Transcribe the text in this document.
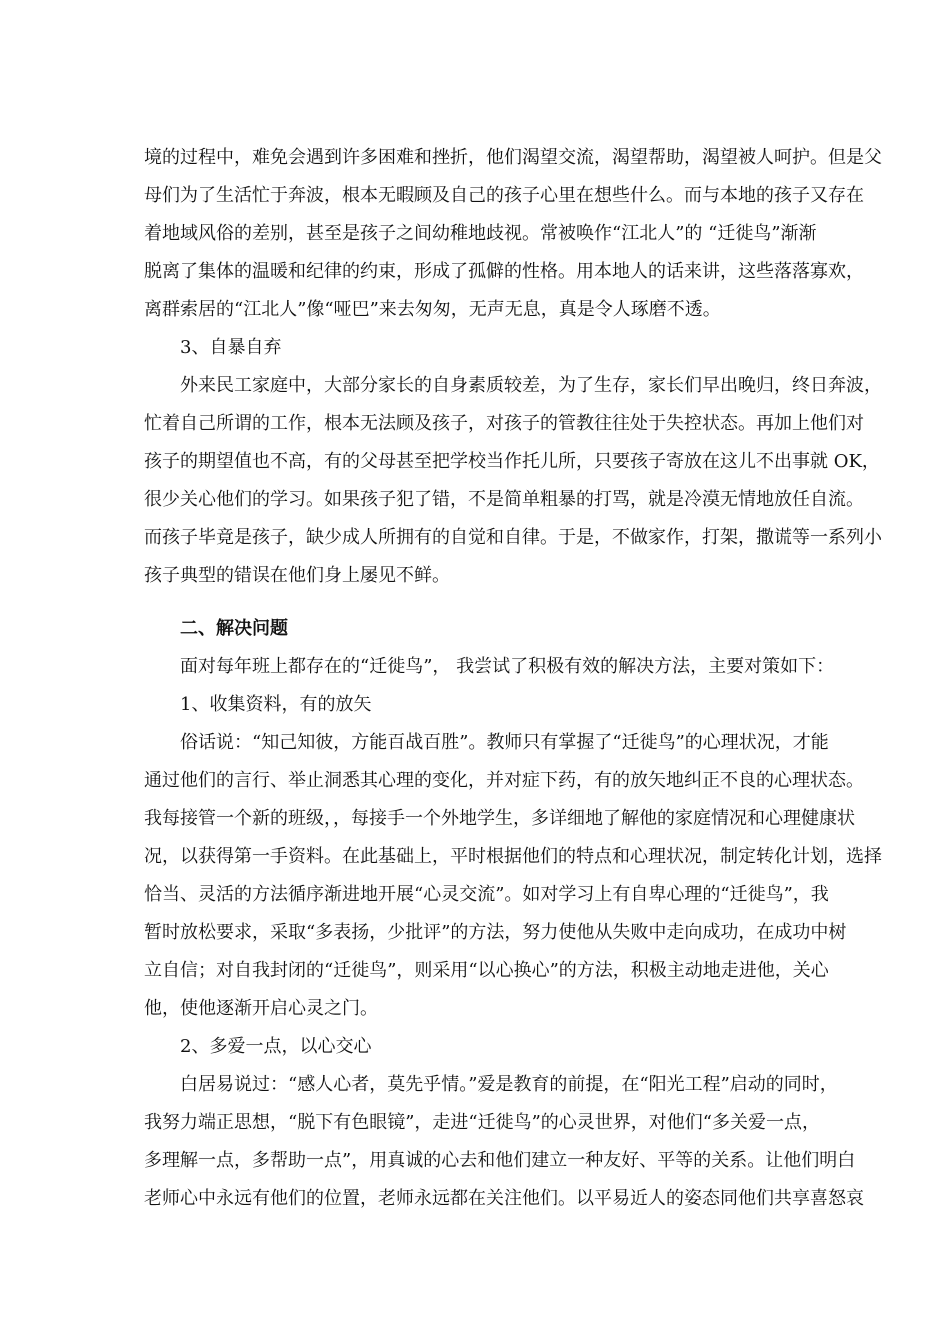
境的过程中，难免会遇到许多困难和挫折，他们渴望交流，渴望帮助，渴望被人呵护。但是父
母们为了生活忙于奔波，根本无暇顾及自己的孩子心里在想些什么。而与本地的孩子又存在
着地域风俗的差别，甚至是孩子之间幼稚地歧视。常被唤作“江北人”的 “迁徙鸟”渐渐
脱离了集体的温暖和纪律的约束，形成了孤僻的性格。用本地人的话来讲，这些落落寡欢，
离群索居的“江北人”像“哑巴”来去匆匆，无声无息，真是令人琢磨不透。
3、自暴自弃
外来民工家庭中，大部分家长的自身素质较差，为了生存，家长们早出晚归，终日奔波，
忙着自己所谓的工作，根本无法顾及孩子，对孩子的管教往往处于失控状态。再加上他们对
孩子的期望值也不高，有的父母甚至把学校当作托儿所，只要孩子寄放在这儿不出事就 OK，
很少关心他们的学习。如果孩子犯了错，不是简单粗暴的打骂，就是冷漠无情地放任自流。
而孩子毕竟是孩子，缺少成人所拥有的自觉和自律。于是，不做家作，打架，撒谎等一系列小
孩子典型的错误在他们身上屡见不鲜。
二、解决问题
面对每年班上都存在的“迁徙鸟”， 我尝试了积极有效的解决方法，主要对策如下：
1、收集资料，有的放矢
俗话说：“知己知彼，方能百战百胜”。教师只有掌握了“迁徙鸟”的心理状况，才能
通过他们的言行、举止洞悉其心理的变化，并对症下药，有的放矢地纠正不良的心理状态。
我每接管一个新的班级，，每接手一个外地学生，多详细地了解他的家庭情况和心理健康状
况，以获得第一手资料。在此基础上，平时根据他们的特点和心理状况，制定转化计划，选择
恰当、灵活的方法循序渐进地开展“心灵交流”。如对学习上有自卑心理的“迁徙鸟”，我
暂时放松要求，采取“多表扬，少批评”的方法，努力使他从失败中走向成功，在成功中树
立自信；对自我封闭的“迁徙鸟”，则采用“以心换心”的方法，积极主动地走进他，关心
他，使他逐渐开启心灵之门。
2、多爱一点，以心交心
白居易说过：“感人心者，莫先乎情。”爱是教育的前提，在“阳光工程”启动的同时，
我努力端正思想，“脱下有色眼镜”，走进“迁徙鸟”的心灵世界，对他们“多关爱一点，
多理解一点，多帮助一点”，用真诚的心去和他们建立一种友好、平等的关系。让他们明白
老师心中永远有他们的位置，老师永远都在关注他们。以平易近人的姿态同他们共享喜怒哀
